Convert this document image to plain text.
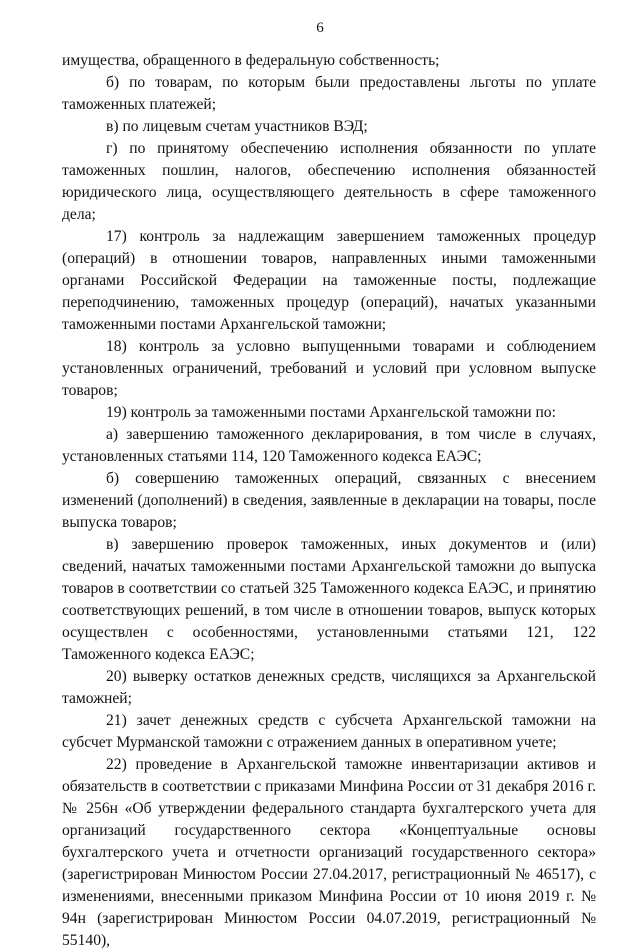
6

имущества, обращенного в федеральную собственность;

б) по товарам, по которым были предоставлены льготы по уплате таможенных платежей;

в) по лицевым счетам участников ВЭД;

г) по принятому обеспечению исполнения обязанности по уплате таможенных пошлин, налогов, обеспечению исполнения обязанностей юридического лица, осуществляющего деятельность в сфере таможенного дела;

17) контроль за надлежащим завершением таможенных процедур (операций) в отношении товаров, направленных иными таможенными органами Российской Федерации на таможенные посты, подлежащие переподчинению, таможенных процедур (операций), начатых указанными таможенными постами Архангельской таможни;

18) контроль за условно выпущенными товарами и соблюдением установленных ограничений, требований и условий при условном выпуске товаров;

19) контроль за таможенными постами Архангельской таможни по:

а) завершению таможенного декларирования, в том числе в случаях, установленных статьями 114, 120 Таможенного кодекса ЕАЭС;

б) совершению таможенных операций, связанных с внесением изменений (дополнений) в сведения, заявленные в декларации на товары, после выпуска товаров;

в) завершению проверок таможенных, иных документов и (или) сведений, начатых таможенными постами Архангельской таможни до выпуска товаров в соответствии со статьей 325 Таможенного кодекса ЕАЭС, и принятию соответствующих решений, в том числе в отношении товаров, выпуск которых осуществлен с особенностями, установленными статьями 121, 122 Таможенного кодекса ЕАЭС;

20) выверку остатков денежных средств, числящихся за Архангельской таможней;

21) зачет денежных средств с субсчета Архангельской таможни на субсчет Мурманской таможни с отражением данных в оперативном учете;

22) проведение в Архангельской таможне инвентаризации активов и обязательств в соответствии с приказами Минфина России от 31 декабря 2016 г. № 256н «Об утверждении федерального стандарта бухгалтерского учета для организаций государственного сектора «Концептуальные основы бухгалтерского учета и отчетности организаций государственного сектора» (зарегистрирован Минюстом России 27.04.2017, регистрационный № 46517), с изменениями, внесенными приказом Минфина России от 10 июня 2019 г. № 94н (зарегистрирован Минюстом России 04.07.2019, регистрационный № 55140),
